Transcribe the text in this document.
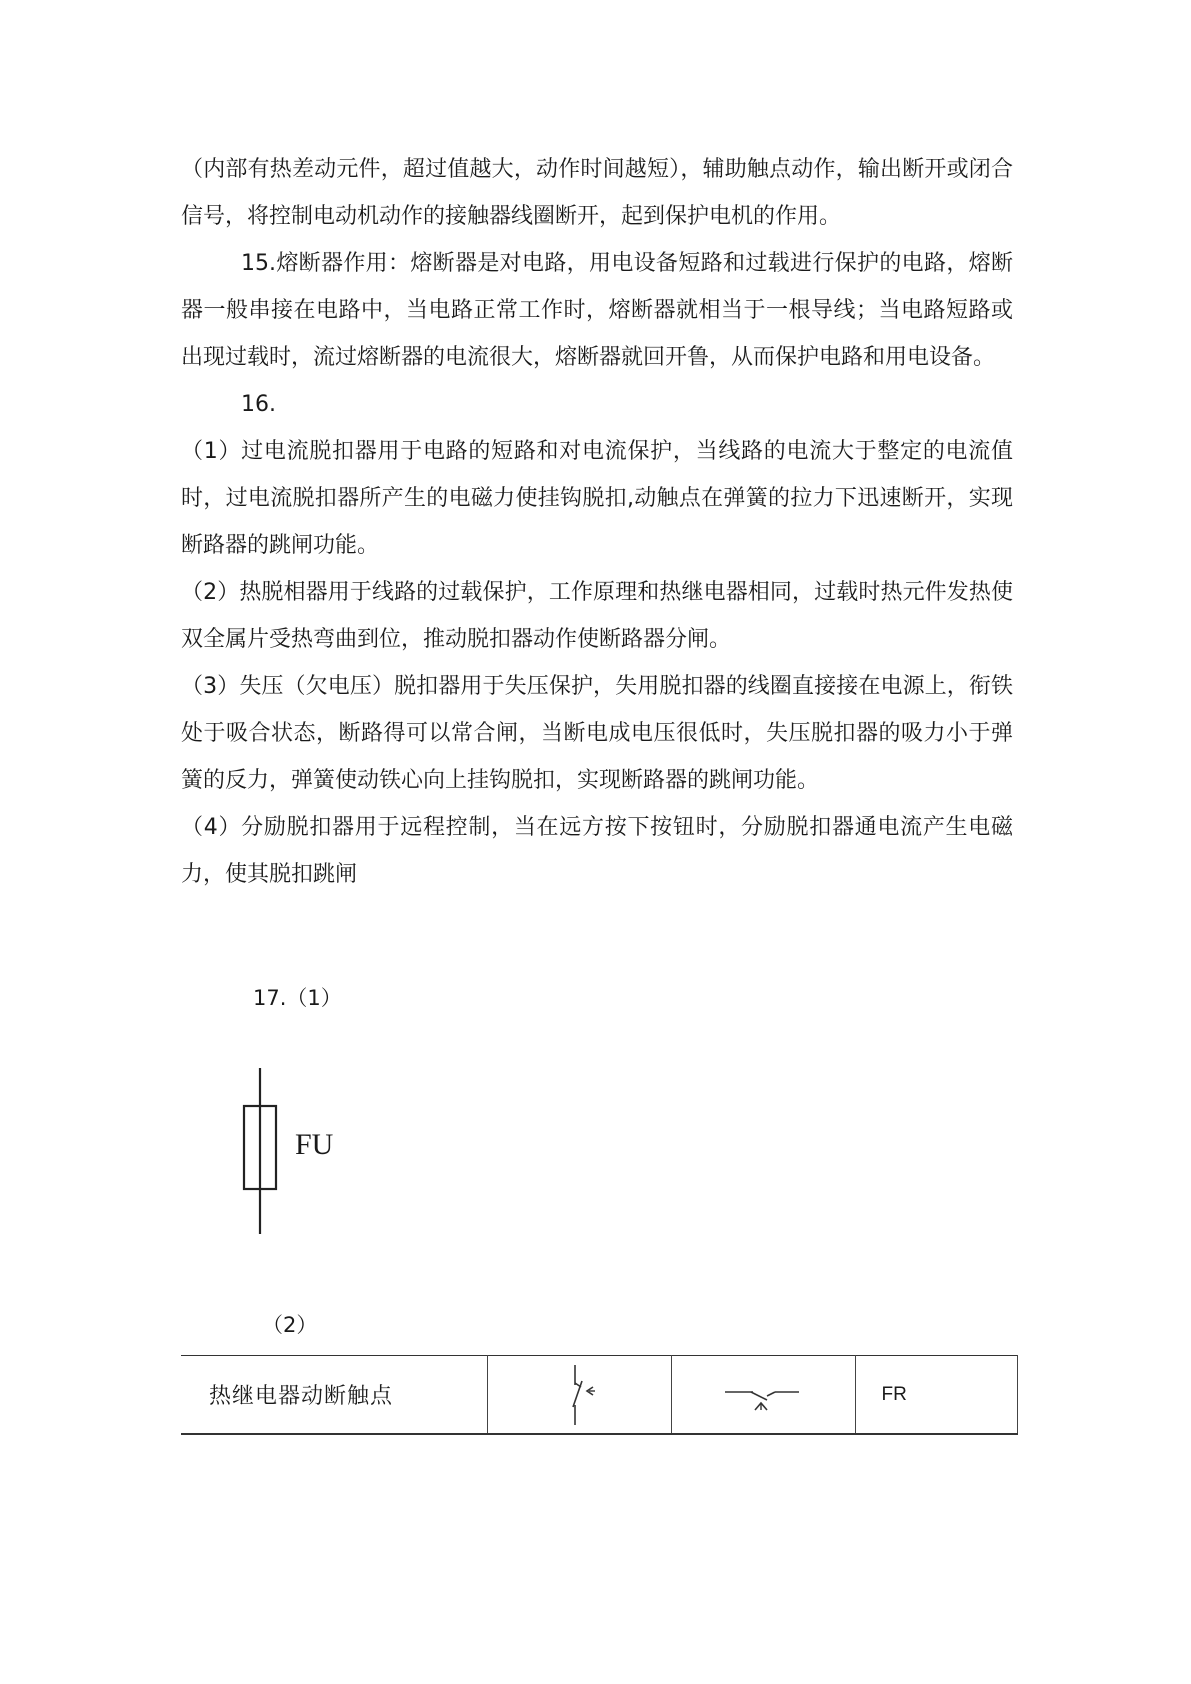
（内部有热差动元件，超过值越大，动作时间越短），辅助触点动作，输出断开或闭合信号，将控制电动机动作的接触器线圈断开，起到保护电机的作用。

15.熔断器作用：熔断器是对电路，用电设备短路和过载进行保护的电路，熔断器一般串接在电路中，当电路正常工作时，熔断器就相当于一根导线；当电路短路或出现过载时，流过熔断器的电流很大，熔断器就回开鲁，从而保护电路和用电设备。

16.

（1）过电流脱扣器用于电路的短路和对电流保护，当线路的电流大于整定的电流值时，过电流脱扣器所产生的电磁力使挂钩脱扣,动触点在弹簧的拉力下迅速断开，实现断路器的跳闸功能。

（2）热脱相器用于线路的过载保护，工作原理和热继电器相同，过载时热元件发热使双全属片受热弯曲到位，推动脱扣器动作使断路器分闸。

（3）失压（欠电压）脱扣器用于失压保护，失用脱扣器的线圈直接接在电源上，衔铁处于吸合状态，断路得可以常合闸，当断电成电压很低时，失压脱扣器的吸力小于弹簧的反力，弹簧使动铁心向上挂钩脱扣，实现断路器的跳闸功能。

（4）分励脱扣器用于远程控制，当在远方按下按钮时，分励脱扣器通电流产生电磁力，使其脱扣跳闸

17.（1）
FU
（2）
热继电器动断触点			FR
